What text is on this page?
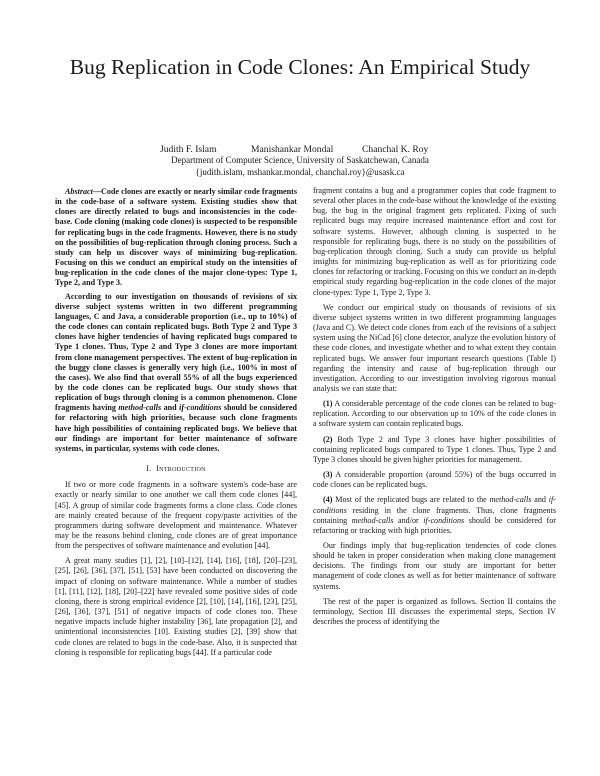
Bug Replication in Code Clones: An Empirical Study
Judith F. Islam	Manishankar Mondal	Chanchal K. Roy
Department of Computer Science, University of Saskatchewan, Canada
{judith.islam, mshankar.mondal, chanchal.roy}@usask.ca

Abstract—Code clones are exactly or nearly similar code fragments in the code-base of a software system. Existing studies show that clones are directly related to bugs and inconsistencies in the code-base. Code cloning (making code clones) is suspected to be responsible for replicating bugs in the code fragments. However, there is no study on the possibilities of bug-replication through cloning process. Such a study can help us discover ways of minimizing bug-replication. Focusing on this we conduct an empirical study on the intensities of bug-replication in the code clones of the major clone-types: Type 1, Type 2, and Type 3.

According to our investigation on thousands of revisions of six diverse subject systems written in two different programming languages, C and Java, a considerable proportion (i.e., up to 10%) of the code clones can contain replicated bugs. Both Type 2 and Type 3 clones have higher tendencies of having replicated bugs compared to Type 1 clones. Thus, Type 2 and Type 3 clones are more important from clone management perspectives. The extent of bug-replication in the buggy clone classes is generally very high (i.e., 100% in most of the cases). We also find that overall 55% of all the bugs experienced by the code clones can be replicated bugs. Our study shows that replication of bugs through cloning is a common phenomenon. Clone fragments having method-calls and if-conditions should be considered for refactoring with high priorities, because such clone fragments have high possibilities of containing replicated bugs. We believe that our findings are important for better maintenance of software systems, in particular, systems with code clones.

I. Introduction

If two or more code fragments in a software system's code-base are exactly or nearly similar to one another we call them code clones [44], [45]. A group of similar code fragments forms a clone class. Code clones are mainly created because of the frequent copy/paste activities of the programmers during software development and maintenance. Whatever may be the reasons behind cloning, code clones are of great importance from the perspectives of software maintenance and evolution [44].

A great many studies [1], [2], [10]–[12], [14], [16], [18], [20]–[23], [25], [26], [36], [37], [51], [53] have been conducted on discovering the impact of cloning on software maintenance. While a number of studies [1], [11], [12], [18], [20]–[22] have revealed some positive sides of code cloning, there is strong empirical evidence [2], [10], [14], [16], [23], [25], [26], [36], [37], [51] of negative impacts of code clones too. These negative impacts include higher instability [36], late propagation [2], and unintentional inconsistencies [10]. Existing studies [2], [39] show that code clones are related to bugs in the code-base. Also, it is suspected that cloning is responsible for replicating bugs [44]. If a particular code

fragment contains a bug and a programmer copies that code fragment to several other places in the code-base without the knowledge of the existing bug, the bug in the original fragment gets replicated. Fixing of such replicated bugs may require increased maintenance effort and cost for software systems. However, although cloning is suspected to be responsible for replicating bugs, there is no study on the possibilities of bug-replication through cloning. Such a study can provide us helpful insights for minimizing bug-replication as well as for prioritizing code clones for refactoring or tracking. Focusing on this we conduct an in-depth empirical study regarding bug-replication in the code clones of the major clone-types: Type 1, Type 2, Type 3.

We conduct our empirical study on thousands of revisions of six diverse subject systems written in two different programming languages (Java and C). We detect code clones from each of the revisions of a subject system using the NiCad [6] clone detector, analyze the evolution history of these code clones, and investigate whether and to what extent they contain replicated bugs. We answer four important research questions (Table I) regarding the intensity and cause of bug-replication through our investigation. According to our investigation involving rigorous manual analysis we can state that:

(1) A considerable percentage of the code clones can be related to bug-replication. According to our observation up to 10% of the code clones in a software system can contain replicated bugs.

(2) Both Type 2 and Type 3 clones have higher possibilities of containing replicated bugs compared to Type 1 clones. Thus, Type 2 and Type 3 clones should be given higher priorities for management.

(3) A considerable proportion (around 55%) of the bugs occurred in code clones can be replicated bugs.

(4) Most of the replicated bugs are related to the method-calls and if-conditions residing in the clone fragments. Thus, clone fragments containing method-calls and/or if-conditions should be considered for refactoring or tracking with high priorities.

Our findings imply that bug-replication tendencies of code clones should be taken in proper consideration when making clone management decisions. The findings from our study are important for better management of code clones as well as for better maintenance of software systems.

The rest of the paper is organized as follows. Section II contains the terminology, Section III discusses the experimental steps, Section IV describes the process of identifying the
